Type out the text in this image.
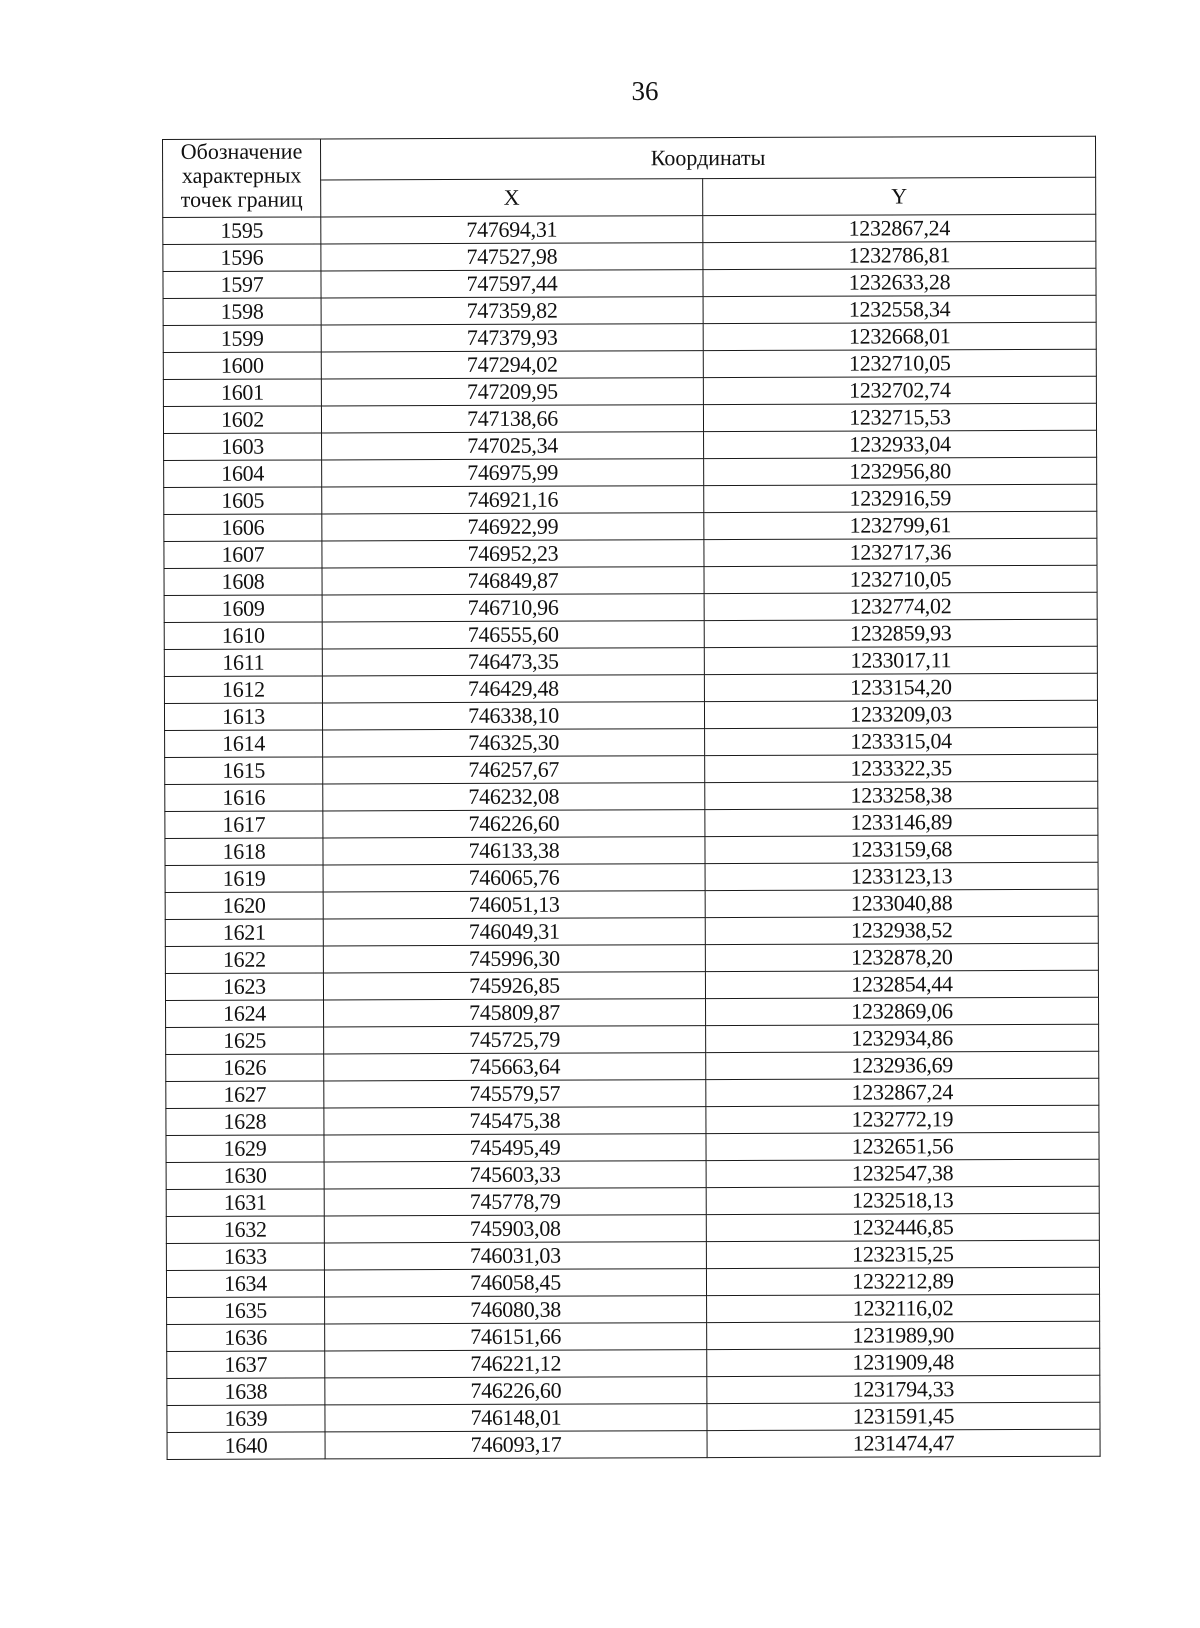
36
Обозначение характерных точек границ	Координаты	
	X	Y
1595	747694,31	1232867,24
1596	747527,98	1232786,81
1597	747597,44	1232633,28
1598	747359,82	1232558,34
1599	747379,93	1232668,01
1600	747294,02	1232710,05
1601	747209,95	1232702,74
1602	747138,66	1232715,53
1603	747025,34	1232933,04
1604	746975,99	1232956,80
1605	746921,16	1232916,59
1606	746922,99	1232799,61
1607	746952,23	1232717,36
1608	746849,87	1232710,05
1609	746710,96	1232774,02
1610	746555,60	1232859,93
1611	746473,35	1233017,11
1612	746429,48	1233154,20
1613	746338,10	1233209,03
1614	746325,30	1233315,04
1615	746257,67	1233322,35
1616	746232,08	1233258,38
1617	746226,60	1233146,89
1618	746133,38	1233159,68
1619	746065,76	1233123,13
1620	746051,13	1233040,88
1621	746049,31	1232938,52
1622	745996,30	1232878,20
1623	745926,85	1232854,44
1624	745809,87	1232869,06
1625	745725,79	1232934,86
1626	745663,64	1232936,69
1627	745579,57	1232867,24
1628	745475,38	1232772,19
1629	745495,49	1232651,56
1630	745603,33	1232547,38
1631	745778,79	1232518,13
1632	745903,08	1232446,85
1633	746031,03	1232315,25
1634	746058,45	1232212,89
1635	746080,38	1232116,02
1636	746151,66	1231989,90
1637	746221,12	1231909,48
1638	746226,60	1231794,33
1639	746148,01	1231591,45
1640	746093,17	1231474,47
